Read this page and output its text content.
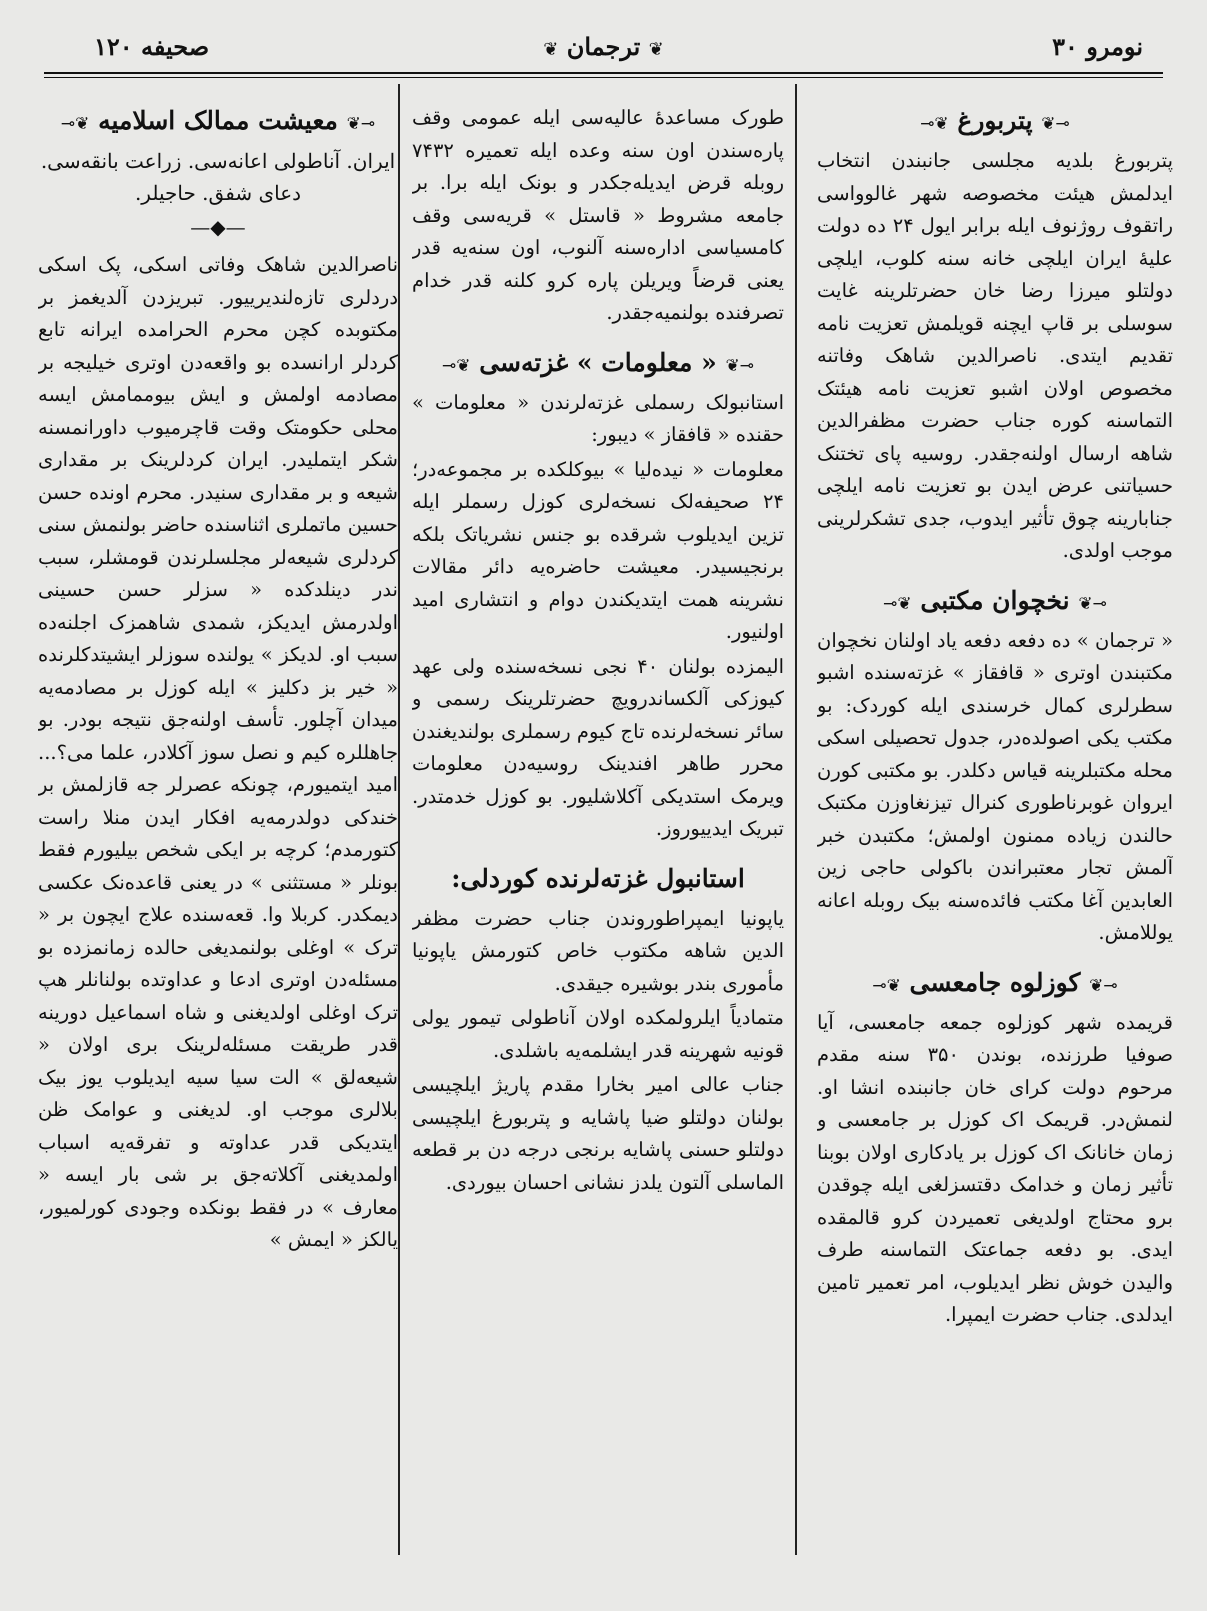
صحیفه ۱۲۰	❦ ترجمان ❦	نومرو ۳۰
⊸❦ پتربورغ ❦⊸

پتربورغ بلدیه مجلسی جانبندن انتخاب ایدلمش هیئت مخصوصه شهر غالوواسی راتقوف روژنوف ایله برابر ایول ۲۴ ده دولت علیهٔ ایران ایلچی خانه سنه کلوب، ایلچی دولتلو میرزا رضا خان حضرتلرینه غایت سوسلی بر قاپ ایچنه قویلمش تعزیت نامه تقدیم ایتدی. ناصرالدین شاهک وفاتنه مخصوص اولان اشبو تعزیت نامه هیئتک التماسنه کوره جناب حضرت مظفرالدین شاهه ارسال اولنه‌جقدر. روسیه پای تختنک حسیاتنی عرض ایدن بو تعزیت نامه ایلچی جنابارینه چوق تأثیر ایدوب، جدی تشکرلرینی موجب اولدی.

⊸❦ نخچوان مکتبی ❦⊸

« ترجمان » ده دفعه دفعه یاد اولنان نخچوان مکتبندن اوتری « قافقاز » غزته‌سنده اشبو سطرلری کمال خرسندی ایله کوردک: بو مکتب یکی اصولده‌در، جدول تحصیلی اسکی محله مکتبلرینه قیاس دکلدر. بو مکتبی کورن ایروان غوبرناطوری کنرال تیزنغاوزن مکتبک حالندن زیاده ممنون اولمش؛ مکتبدن خبر آلمش تجار معتبراندن باکولی حاجی زین العابدین آغا مکتب فائده‌سنه بیک روبله اعانه یوللامش.

⊸❦ کوزلوه جامعسی ❦⊸

قریمده شهر کوزلوه جمعه جامعسی، آیا صوفیا طرزنده، بوندن ۳۵۰ سنه مقدم مرحوم دولت کرای خان جانبنده انشا او. لنمش‌در. قریمک اک کوزل بر جامعسی و زمان خانانک اک کوزل بر یادکاری اولان بوبنا تأثیر زمان و خدامک دقتسزلغی ایله چوقدن برو محتاج اولدیغی تعمیردن کرو قالمقده ایدی. بو دفعه جماعتک التماسنه طرف والیدن خوش نظر ایدیلوب، امر تعمیر تامین ایدلدی. جناب حضرت ایمپرا.

طورک مساعدهٔ عالیه‌سی ایله عمومی وقف پاره‌سندن اون سنه وعده ایله تعمیره ۷۴۳۲ روبله قرض ایدیله‌جکدر و بونک ایله برا. بر جامعه مشروط « قاستل » قریه‌سی وقف کامسیاسی اداره‌سنه آلنوب، اون سنه‌یه قدر یعنی قرضاً ویریلن پاره کرو کلنه قدر خدام تصرفنده بولنمیه‌جقدر.

⊸❦ « معلومات » غزته‌سی ❦⊸

استانبولک رسملی غزته‌لرندن « معلومات » حقنده « قافقاز » دیبور:

معلومات « نیده‌لیا » بیوکلکده بر مجموعه‌در؛ ۲۴ صحیفه‌لک نسخه‌لری کوزل رسملر ایله تزین ایدیلوب شرقده بو جنس نشریاتک بلکه برنجیسیدر. معیشت حاضره‌یه دائر مقالات نشرینه همت ایتدیکندن دوام و انتشاری امید اولنیور.

الیمزده بولنان ۴۰ نجی نسخه‌سنده ولی عهد کیوزکی آلکساندرویچ حضرتلرینک رسمی و سائر نسخه‌لرنده تاج کیوم رسملری بولندیغندن محرر طاهر افندینک روسیه‌دن معلومات ویرمک استدیکی آکلاشلیور. بو کوزل خدمتدر. تبریک ایدییوروز.

استانبول غزته‌لرنده کوردلی:

یاپونیا ایمپراطوروندن جناب حضرت مظفر الدین شاهه مکتوب خاص کتورمش یاپونیا مأموری بندر بوشیره جیقدی.

متمادیاً ایلرولمکده اولان آناطولی تیمور یولی قونیه شهرینه قدر ایشلمه‌یه باشلدی.

جناب عالی امیر بخارا مقدم پاریژ ایلچیسی بولنان دولتلو ضیا پاشایه و پتربورغ ایلچیسی دولتلو حسنی پاشایه برنجی درجه دن بر قطعه الماسلی آلتون یلدز نشانی احسان بیوردی.

⊸❦ معیشت ممالک اسلامیه ❦⊸

ایران. آناطولی اعانه‌سی. زراعت بانقه‌سی. دعای شفق. حاجیلر.

—◆—

ناصرالدین شاهک وفاتی اسکی، پک اسکی دردلری تازه‌لندیرییور. تبریزدن آلدیغمز بر مکتوبده کچن محرم الحرامده ایرانه تابع کردلر ارانسده بو واقعه‌دن اوتری خیلیجه بر مصادمه اولمش و ایش بیوممامش ایسه محلی حکومتک وقت قاچرمیوب داورانمسنه شکر ایتملیدر. ایران کردلرینک بر مقداری شیعه و بر مقداری سنیدر. محرم اونده حسن حسین ماتملری اثناسنده حاضر بولنمش سنی کردلری شیعه‌لر مجلسلرندن قومشلر، سبب ندر دینلدکده « سزلر حسن حسینی اولدرمش ایدیکز، شمدی شاهمزک اجلنه‌ده سبب او. لدیکز » یولنده سوزلر ایشیتدکلرنده « خیر بز دکلیز » ایله کوزل بر مصادمه‌یه میدان آچلور. تأسف اولنه‌جق نتیجه بودر. بو جاهللره کیم و نصل سوز آکلادر، علما می؟... امید ایتمیورم، چونکه عصرلر جه قازلمش بر خندکی دولدرمه‌یه افکار ایدن منلا راست کتورمدم؛ کرچه بر ایکی شخص بیلیورم فقط بونلر « مستثنی » در یعنی قاعده‌نک عکسی دیمکدر. کربلا وا. قعه‌سنده علاج ایچون بر « ترک » اوغلی بولنمدیغی حالده زمانمزده بو مسئله‌دن اوتری ادعا و عداوتده بولنانلر هپ ترک اوغلی اولدیغنی و شاه اسماعیل دورینه قدر طریقت مسئله‌لرینک بری اولان « شیعه‌لق » الت سیا سیه ایدیلوب یوز بیک بلالری موجب او. لدیغنی و عوامک ظن ایتدیکی قدر عداوته و تفرقه‌یه اسباب اولمدیغنی آکلاته‌جق بر شی بار ایسه « معارف » در فقط بونکده وجودی کورلمیور، یالکز « ایمش »
